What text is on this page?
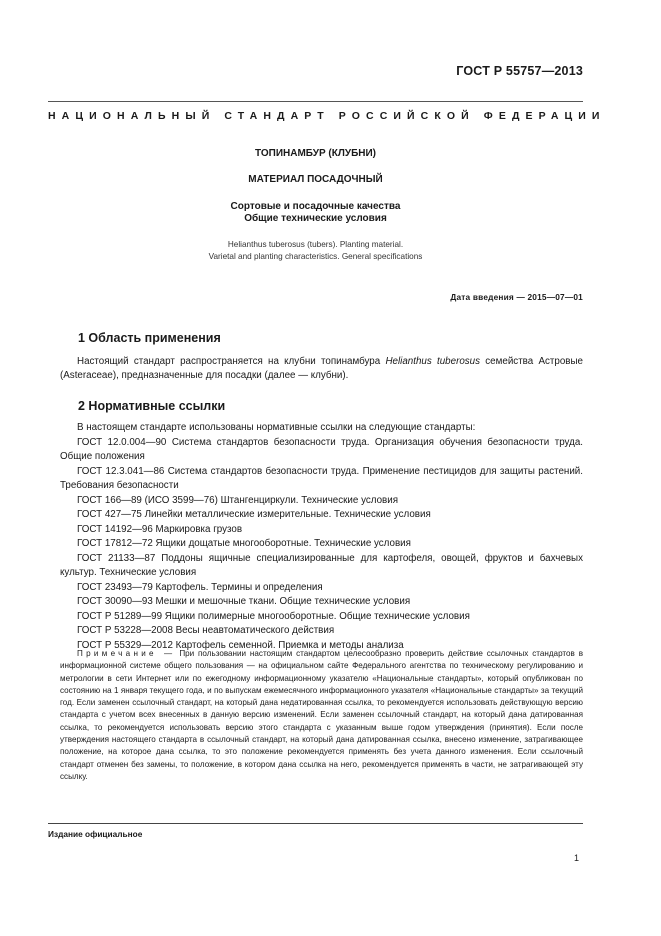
ГОСТ Р 55757—2013
НАЦИОНАЛЬНЫЙ СТАНДАРТ РОССИЙСКОЙ ФЕДЕРАЦИИ
ТОПИНАМБУР (КЛУБНИ)
МАТЕРИАЛ ПОСАДОЧНЫЙ
Сортовые и посадочные качества
Общие технические условия
Helianthus tuberosus (tubers). Planting material.
Varietal and planting characteristics. General specifications
Дата введения — 2015—07—01
1 Область применения
Настоящий стандарт распространяется на клубни топинамбура Helianthus tuberosus семейства Астровые (Asteraceae), предназначенные для посадки (далее — клубни).
2 Нормативные ссылки
В настоящем стандарте использованы нормативные ссылки на следующие стандарты:
ГОСТ 12.0.004—90 Система стандартов безопасности труда. Организация обучения безопасности труда. Общие положения
ГОСТ 12.3.041—86 Система стандартов безопасности труда. Применение пестицидов для защиты растений. Требования безопасности
ГОСТ 166—89 (ИСО 3599—76) Штангенциркули. Технические условия
ГОСТ 427—75 Линейки металлические измерительные. Технические условия
ГОСТ 14192—96 Маркировка грузов
ГОСТ 17812—72 Ящики дощатые многооборотные. Технические условия
ГОСТ 21133—87 Поддоны ящичные специализированные для картофеля, овощей, фруктов и бахчевых культур. Технические условия
ГОСТ 23493—79 Картофель. Термины и определения
ГОСТ 30090—93 Мешки и мешочные ткани. Общие технические условия
ГОСТ Р 51289—99 Ящики полимерные многооборотные. Общие технические условия
ГОСТ Р 53228—2008 Весы неавтоматического действия
ГОСТ Р 55329—2012 Картофель семенной. Приемка и методы анализа
Примечание — При пользовании настоящим стандартом целесообразно проверить действие ссылочных стандартов в информационной системе общего пользования — на официальном сайте Федерального агентства по техническому регулированию и метрологии в сети Интернет или по ежегодному информационному указателю «Национальные стандарты», который опубликован по состоянию на 1 января текущего года, и по выпускам ежемесячного информационного указателя «Национальные стандарты» за текущий год. Если заменен ссылочный стандарт, на который дана недатированная ссылка, то рекомендуется использовать действующую версию стандарта с учетом всех внесенных в данную версию изменений. Если заменен ссылочный стандарт, на который дана датированная ссылка, то рекомендуется использовать версию этого стандарта с указанным выше годом утверждения (принятия). Если после утверждения настоящего стандарта в ссылочный стандарт, на который дана датированная ссылка, внесено изменение, затрагивающее положение, на которое дана ссылка, то это положение рекомендуется применять без учета данного изменения. Если ссылочный стандарт отменен без замены, то положение, в котором дана ссылка на него, рекомендуется применять в части, не затрагивающей эту ссылку.
Издание официальное
1
